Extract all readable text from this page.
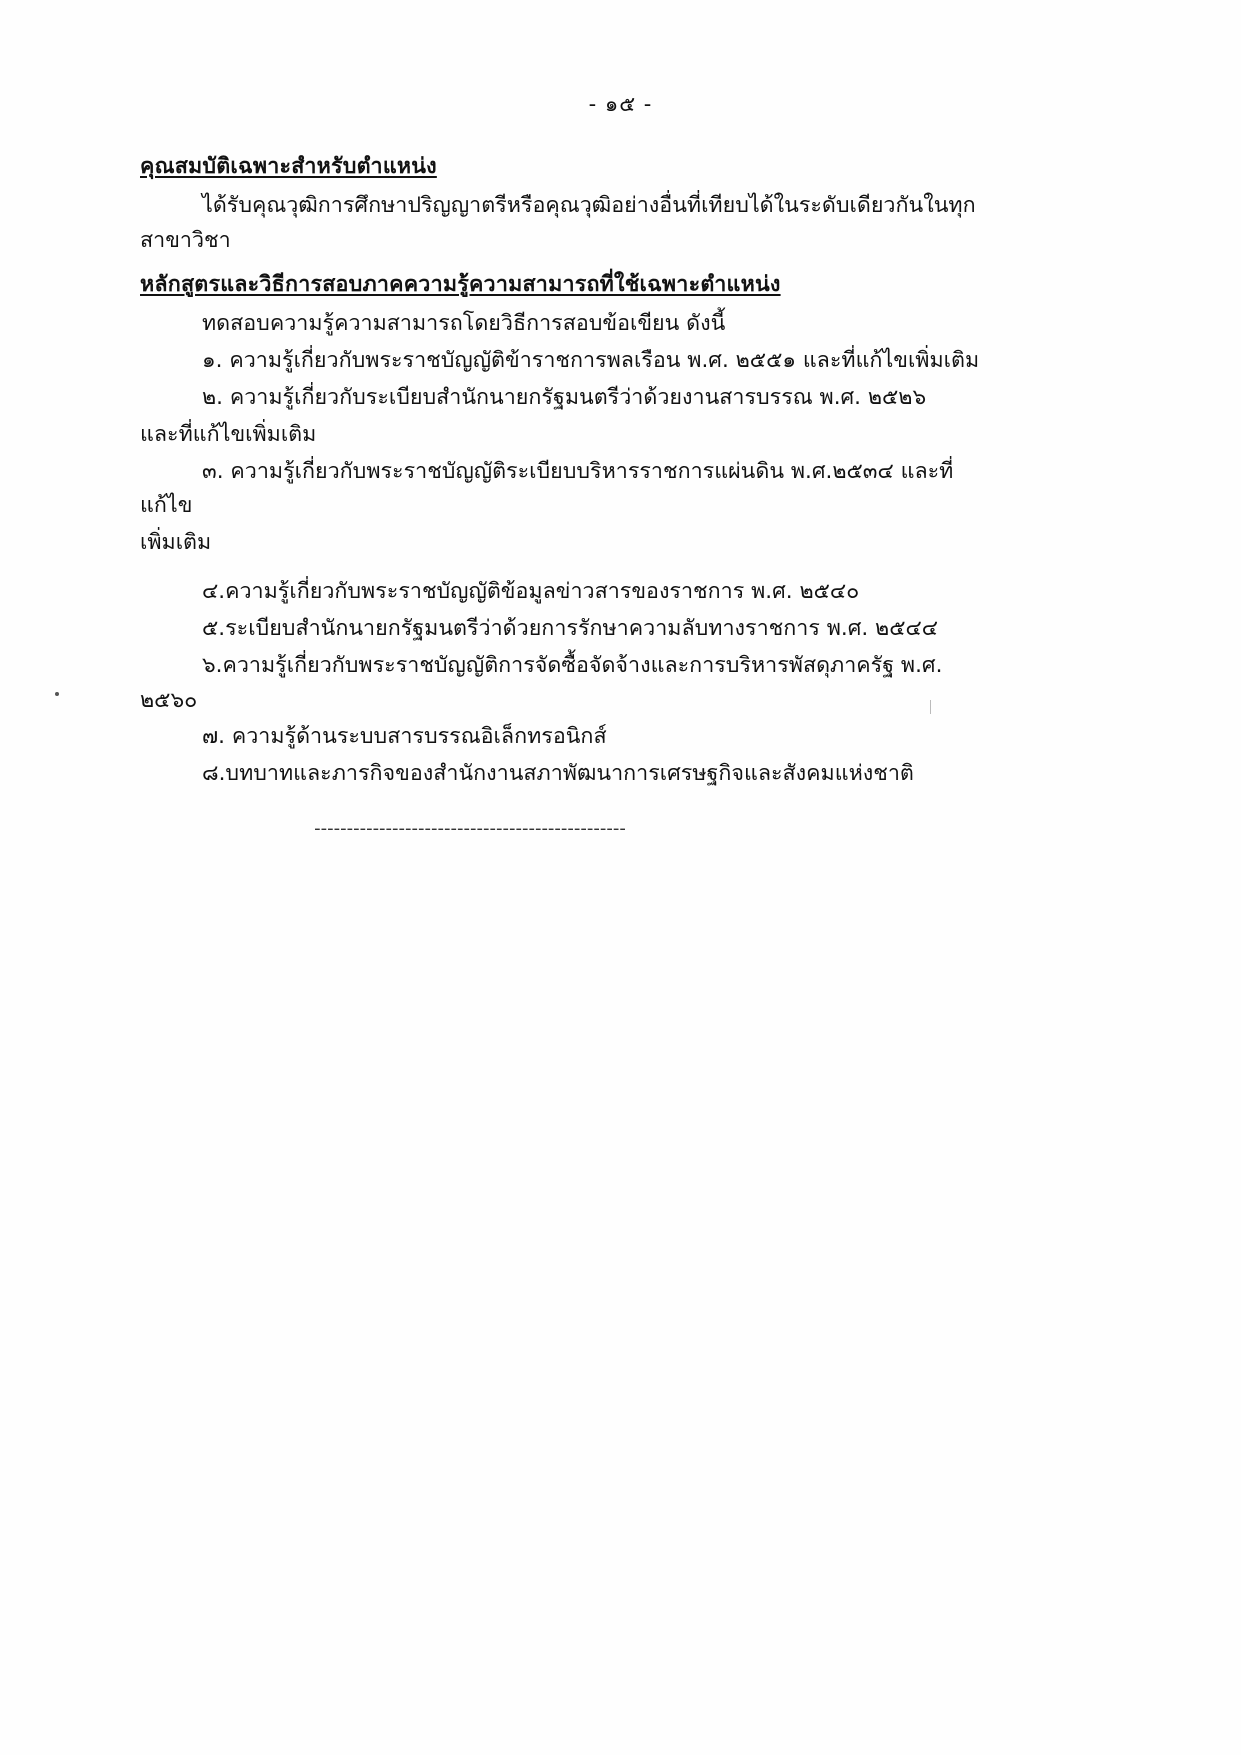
- ๑๕ -
คุณสมบัติเฉพาะสำหรับตำแหน่ง

ได้รับคุณวุฒิการศึกษาปริญญาตรีหรือคุณวุฒิอย่างอื่นที่เทียบได้ในระดับเดียวกันในทุกสาขาวิชา

หลักสูตรและวิธีการสอบภาคความรู้ความสามารถที่ใช้เฉพาะตำแหน่ง

ทดสอบความรู้ความสามารถโดยวิธีการสอบข้อเขียน ดังนี้

๑. ความรู้เกี่ยวกับพระราชบัญญัติข้าราชการพลเรือน พ.ศ. ๒๕๕๑ และที่แก้ไขเพิ่มเติม
๒. ความรู้เกี่ยวกับระเบียบสำนักนายกรัฐมนตรีว่าด้วยงานสารบรรณ พ.ศ. ๒๕๒๖
และที่แก้ไขเพิ่มเติม
๓. ความรู้เกี่ยวกับพระราชบัญญัติระเบียบบริหารราชการแผ่นดิน พ.ศ.๒๕๓๔ และที่แก้ไข
เพิ่มเติม
๔.ความรู้เกี่ยวกับพระราชบัญญัติข้อมูลข่าวสารของราชการ พ.ศ. ๒๕๔๐
๕.ระเบียบสำนักนายกรัฐมนตรีว่าด้วยการรักษาความลับทางราชการ พ.ศ. ๒๕๔๔
๖.ความรู้เกี่ยวกับพระราชบัญญัติการจัดซื้อจัดจ้างและการบริหารพัสดุภาครัฐ พ.ศ. ๒๕๖๐
๗. ความรู้ด้านระบบสารบรรณอิเล็กทรอนิกส์
๘.บทบาทและภารกิจของสำนักงานสภาพัฒนาการเศรษฐกิจและสังคมแห่งชาติ
------------------------------------------------
